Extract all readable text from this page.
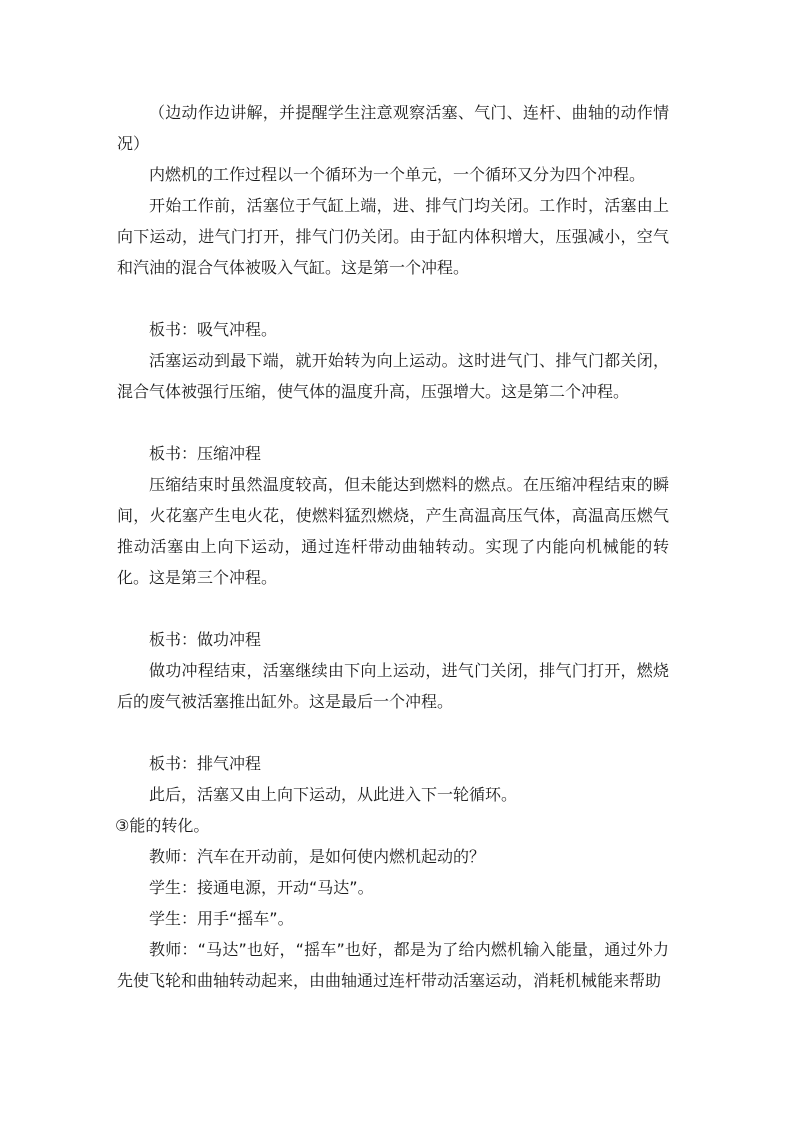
（边动作边讲解，并提醒学生注意观察活塞、气门、连杆、曲轴的动作情况）

内燃机的工作过程以一个循环为一个单元，一个循环又分为四个冲程。

开始工作前，活塞位于气缸上端，进、排气门均关闭。工作时，活塞由上向下运动，进气门打开，排气门仍关闭。由于缸内体积增大，压强减小，空气和汽油的混合气体被吸入气缸。这是第一个冲程。

板书：吸气冲程。

活塞运动到最下端，就开始转为向上运动。这时进气门、排气门都关闭，混合气体被强行压缩，使气体的温度升高，压强增大。这是第二个冲程。

板书：压缩冲程

压缩结束时虽然温度较高，但未能达到燃料的燃点。在压缩冲程结束的瞬间，火花塞产生电火花，使燃料猛烈燃烧，产生高温高压气体，高温高压燃气推动活塞由上向下运动，通过连杆带动曲轴转动。实现了内能向机械能的转化。这是第三个冲程。

板书：做功冲程

做功冲程结束，活塞继续由下向上运动，进气门关闭，排气门打开，燃烧后的废气被活塞推出缸外。这是最后一个冲程。

板书：排气冲程

此后，活塞又由上向下运动，从此进入下一轮循环。

③能的转化。

教师：汽车在开动前，是如何使内燃机起动的？

学生：接通电源，开动“马达”。

学生：用手“摇车”。

教师：“马达”也好，“摇车”也好，都是为了给内燃机输入能量，通过外力先使飞轮和曲轴转动起来，由曲轴通过连杆带动活塞运动，消耗机械能来帮助
